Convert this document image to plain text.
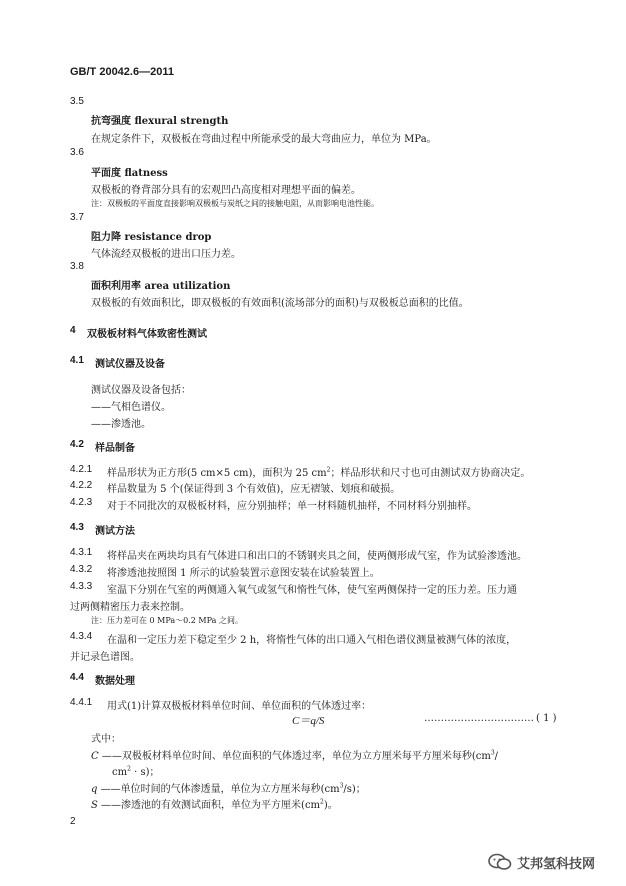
GB/T 20042.6—2011
3.5
抗弯强度 flexural strength
在规定条件下，双极板在弯曲过程中所能承受的最大弯曲应力，单位为 MPa。
3.6
平面度 flatness
双极板的脊背部分具有的宏观凹凸高度相对理想平面的偏差。
注：双极板的平面度直接影响双极板与炭纸之间的接触电阻，从而影响电池性能。
3.7
阻力降 resistance drop
气体流经双极板的进出口压力差。
3.8
面积利用率 area utilization
双极板的有效面积比，即双极板的有效面积(流场部分的面积)与双极板总面积的比值。
4 双极板材料气体致密性测试
4.1 测试仪器及设备
测试仪器及设备包括：
——气相色谱仪。
——渗透池。
4.2 样品制备
4.2.1 样品形状为正方形(5 cm×5 cm)，面积为 25 $cm^2$；样品形状和尺寸也可由测试双方协商决定。
4.2.2 样品数量为 5 个(保证得到 3 个有效值)，应无褶皱、划痕和破损。
4.2.3 对于不同批次的双极板材料，应分别抽样；单一材料随机抽样，不同材料分别抽样。
4.3 测试方法
4.3.1 将样品夹在两块均具有气体进口和出口的不锈钢夹具之间，使两侧形成气室，作为试验渗透池。
4.3.2 将渗透池按照图 1 所示的试验装置示意图安装在试验装置上。
4.3.3 室温下分别在气室的两侧通入氧气或氢气和惰性气体，使气室两侧保持一定的压力差。压力通
过两侧精密压力表来控制。
注：压力差可在 0 MPa～0.2 MPa 之间。
4.3.4 在温和一定压力差下稳定至少 2 h，将惰性气体的出口通入气相色谱仪测量被测气体的浓度，
并记录色谱图。
4.4 数据处理
4.4.1 用式(1)计算双极板材料单位时间、单位面积的气体透过率：
C＝q/S	…………………………… ( 1 )
式中：
C ——双极板材料单位时间、单位面积的气体透过率，单位为立方厘米每平方厘米每秒($cm^3/$
$cm^2 \cdot s$)；
q ——单位时间的气体渗透量，单位为立方厘米每秒$(cm^3/s)$；
S ——渗透池的有效测试面积，单位为平方厘米$(cm^2)$。
2
艾邦氢科技网
